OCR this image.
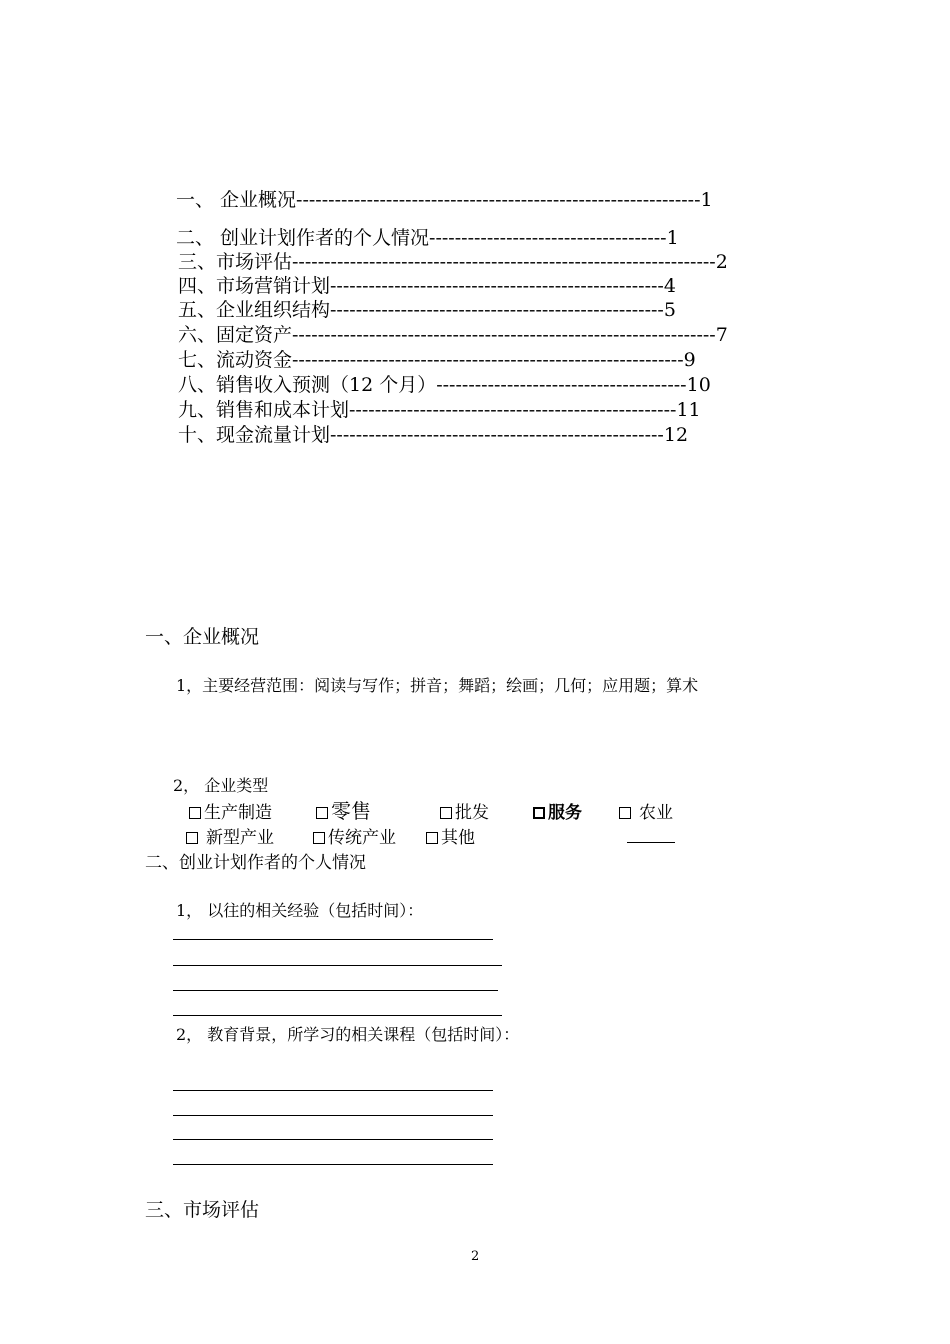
一、 企业概况---------------------------------------------------------------1
二、 创业计划作者的个人情况-------------------------------------1
三、市场评估------------------------------------------------------------------2
四、市场营销计划----------------------------------------------------4
五、企业组织结构----------------------------------------------------5
六、固定资产------------------------------------------------------------------7
七、流动资金-------------------------------------------------------------9
八、销售收入预测（12 个月）---------------------------------------10
九、销售和成本计划---------------------------------------------------11
十、现金流量计划----------------------------------------------------12
一、企业概况
1，主要经营范围：阅读与写作；拼音；舞蹈；绘画；几何；应用题；算术
2， 企业类型
生产制造	零售	批发	服务	农业
新型产业	传统产业	其他
二、创业计划作者的个人情况
1， 以往的相关经验（包括时间）：
2， 教育背景，所学习的相关课程（包括时间）：
三、市场评估
2
